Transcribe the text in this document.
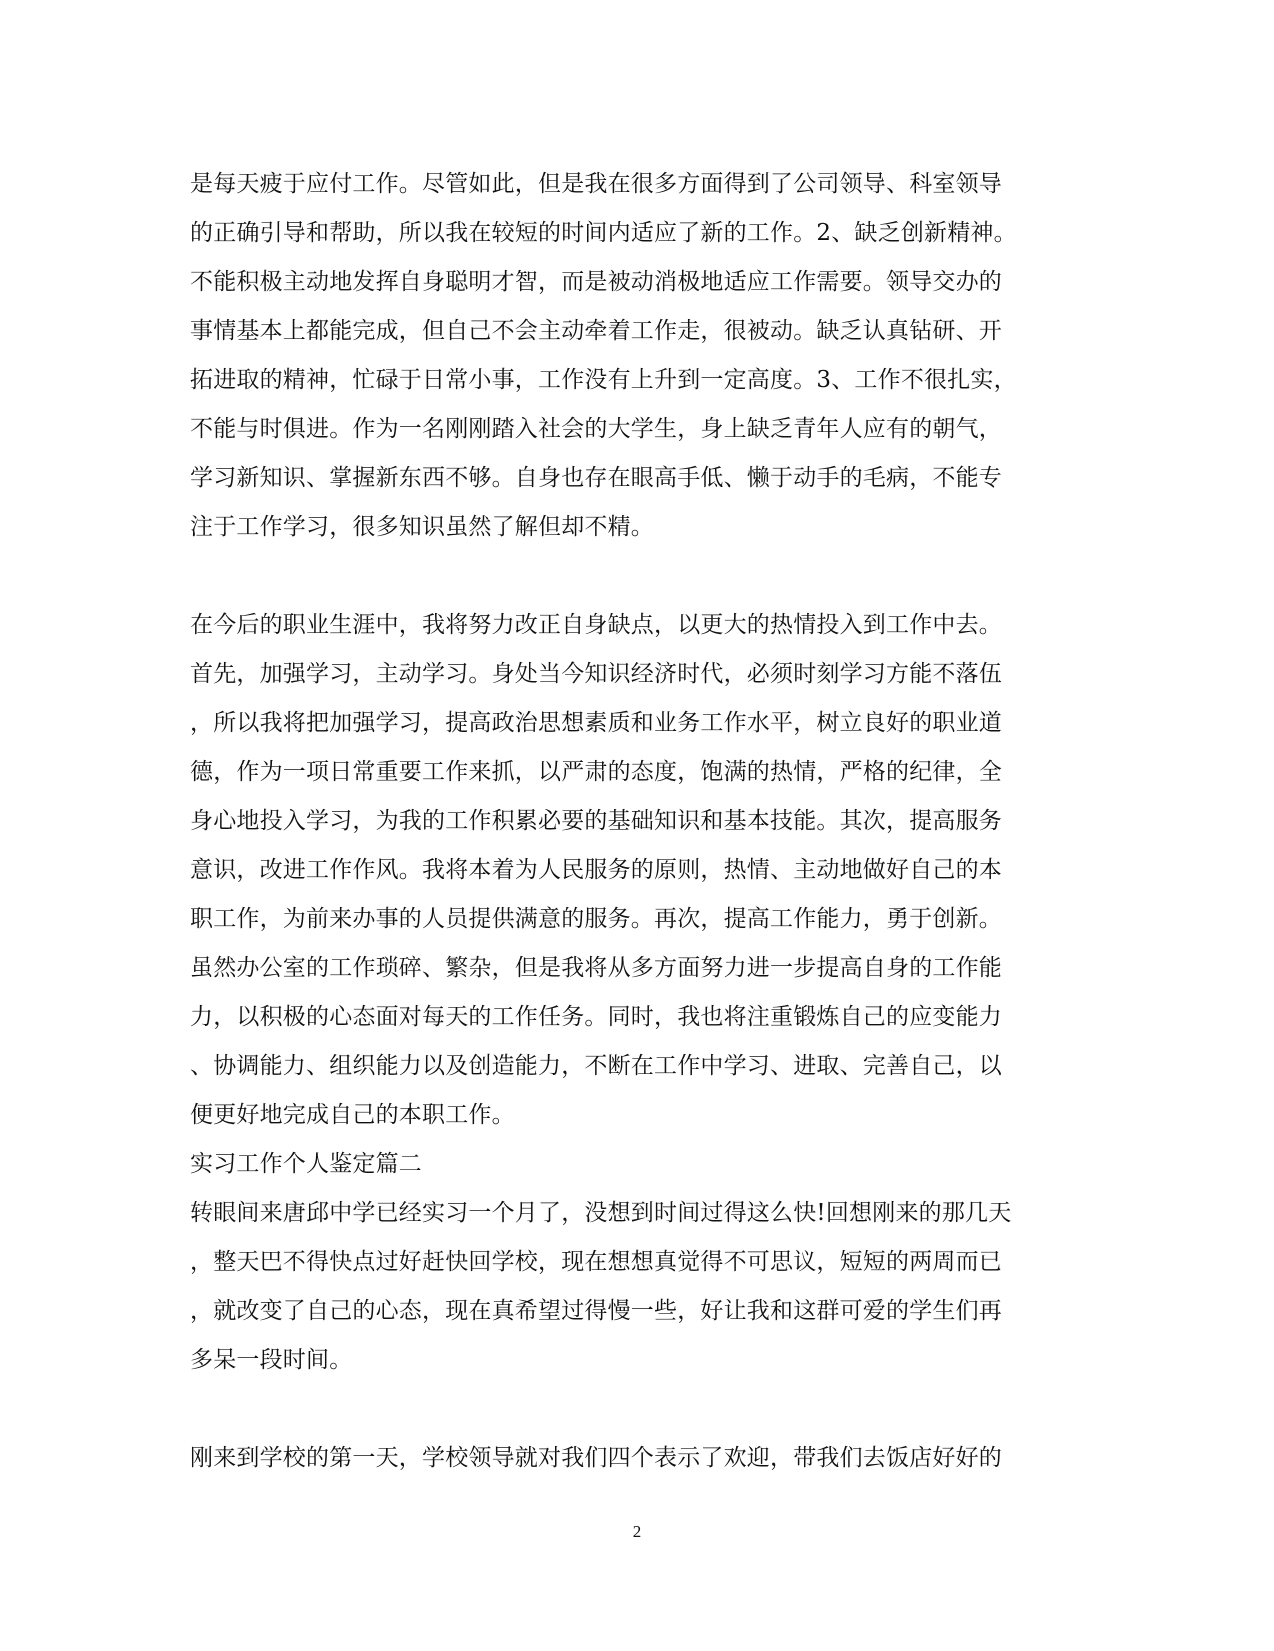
是每天疲于应付工作。尽管如此，但是我在很多方面得到了公司领导、科室领导
的正确引导和帮助，所以我在较短的时间内适应了新的工作。2、缺乏创新精神。
不能积极主动地发挥自身聪明才智，而是被动消极地适应工作需要。领导交办的
事情基本上都能完成，但自己不会主动牵着工作走，很被动。缺乏认真钻研、开
拓进取的精神，忙碌于日常小事，工作没有上升到一定高度。3、工作不很扎实，
不能与时俱进。作为一名刚刚踏入社会的大学生，身上缺乏青年人应有的朝气，
学习新知识、掌握新东西不够。自身也存在眼高手低、懒于动手的毛病，不能专
注于工作学习，很多知识虽然了解但却不精。
在今后的职业生涯中，我将努力改正自身缺点，以更大的热情投入到工作中去。
首先，加强学习，主动学习。身处当今知识经济时代，必须时刻学习方能不落伍
，所以我将把加强学习，提高政治思想素质和业务工作水平，树立良好的职业道
德，作为一项日常重要工作来抓，以严肃的态度，饱满的热情，严格的纪律，全
身心地投入学习，为我的工作积累必要的基础知识和基本技能。其次，提高服务
意识，改进工作作风。我将本着为人民服务的原则，热情、主动地做好自己的本
职工作，为前来办事的人员提供满意的服务。再次，提高工作能力，勇于创新。
虽然办公室的工作琐碎、繁杂，但是我将从多方面努力进一步提高自身的工作能
力，以积极的心态面对每天的工作任务。同时，我也将注重锻炼自己的应变能力
、协调能力、组织能力以及创造能力，不断在工作中学习、进取、完善自己，以
便更好地完成自己的本职工作。
实习工作个人鉴定篇二
转眼间来唐邱中学已经实习一个月了，没想到时间过得这么快!回想刚来的那几天
，整天巴不得快点过好赶快回学校，现在想想真觉得不可思议，短短的两周而已
，就改变了自己的心态，现在真希望过得慢一些，好让我和这群可爱的学生们再
多呆一段时间。
刚来到学校的第一天，学校领导就对我们四个表示了欢迎，带我们去饭店好好的
2
